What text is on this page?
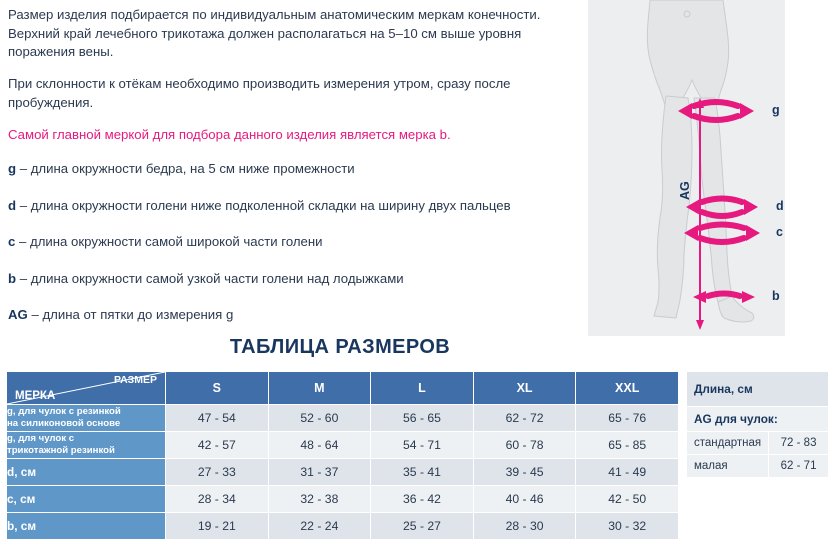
Размер изделия подбирается по индивидуальным анатомическим меркам конечности. Верхний край лечебного трикотажа должен располагаться на 5–10 см выше уровня поражения вены.

При склонности к отёкам необходимо производить измерения утром, сразу после пробуждения.

Самой главной меркой для подбора данного изделия является мерка b.

g – длина окружности бедра, на 5 см ниже промежности
d – длина окружности голени ниже подколенной складки на ширину двух пальцев
c – длина окружности самой широкой части голени
b – длина окружности самой узкой части голени над лодыжками
AG – длина от пятки до измерения g
g
d
c
b
AG
ТАБЛИЦА РАЗМЕРОВ
РАЗМЕР
МЕРКА	S	M	L	XL	XXL

g, для чулок с резинкой
на силиконовой основе	47 - 54	52 - 60	56 - 65	62 - 72	65 - 76

g, для чулок с
трикотажной резинкой	42 - 57	48 - 64	54 - 71	60 - 78	65 - 85
d, см	27 - 33	31 - 37	35 - 41	39 - 45	41 - 49
c, см	28 - 34	32 - 38	36 - 42	40 - 46	42 - 50
b, см	19 - 21	22 - 24	25 - 27	28 - 30	30 - 32
Длина, см	
AG для чулок:	
стандартная	72 - 83
малая	62 - 71
